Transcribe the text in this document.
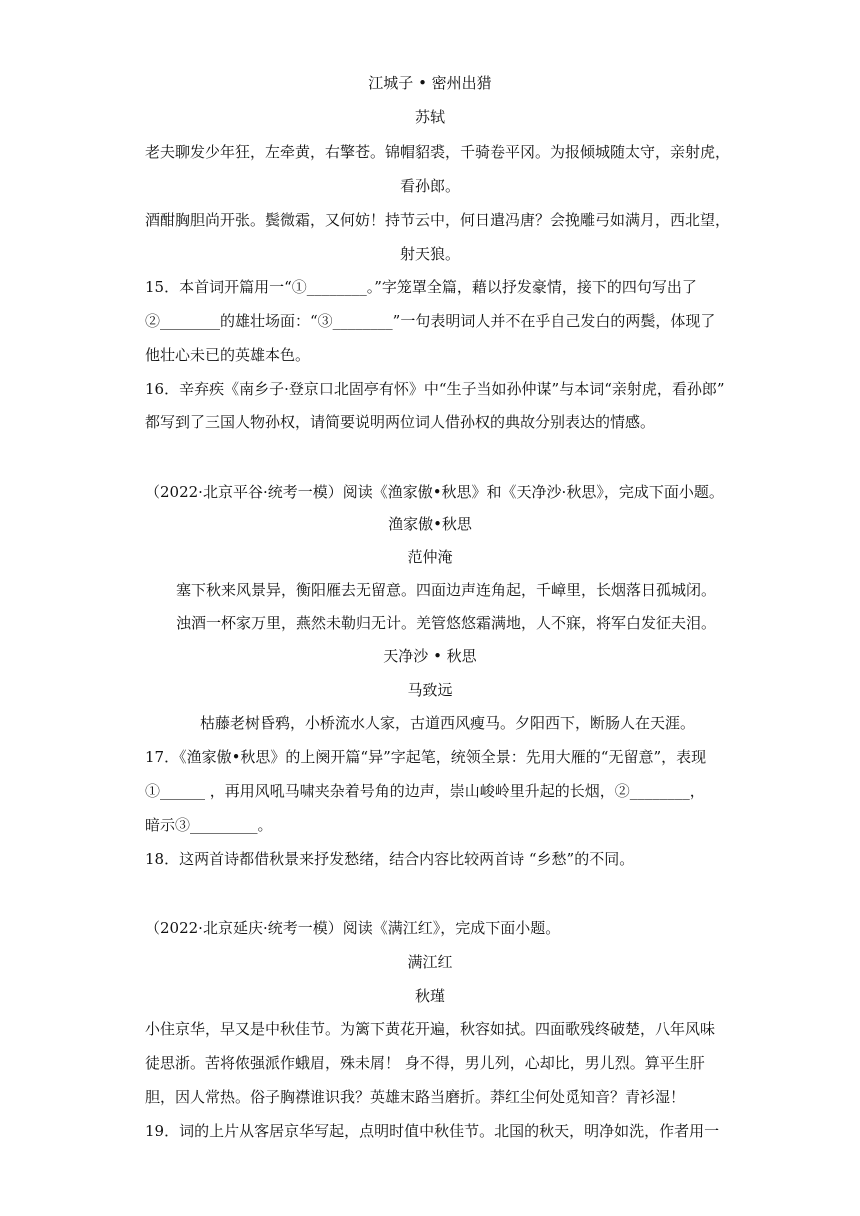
江城子 • 密州出猎
苏轼
老夫聊发少年狂，左牵黄，右擎苍。锦帽貂裘，千骑卷平冈。为报倾城随太守，亲射虎，
看孙郎。
酒酣胸胆尚开张。鬓微霜，又何妨！持节云中，何日遣冯唐？会挽雕弓如满月，西北望，
射天狼。
15．本首词开篇用一“①________。”字笼罩全篇，藉以抒发豪情，接下的四句写出了
②________的雄壮场面：“③________”一句表明词人并不在乎自己发白的两鬓，体现了
他壮心未已的英雄本色。
16．辛弃疾《南乡子·登京口北固亭有怀》中“生子当如孙仲谋”与本词“亲射虎，看孙郎”
都写到了三国人物孙权，请简要说明两位词人借孙权的典故分别表达的情感。
（2022·北京平谷·统考一模）阅读《渔家傲•秋思》和《天净沙·秋思》，完成下面小题。
渔家傲•秋思
范仲淹
塞下秋来风景异，衡阳雁去无留意。四面边声连角起，千嶂里，长烟落日孤城闭。
浊酒一杯家万里，燕然未勒归无计。羌管悠悠霜满地，人不寐，将军白发征夫泪。
天净沙 • 秋思
马致远
枯藤老树昏鸦，小桥流水人家，古道西风瘦马。夕阳西下，断肠人在天涯。
17．《渔家傲•秋思》的上阕开篇“异”字起笔，统领全景：先用大雁的“无留意”，表现
①______ ，再用风吼马啸夹杂着号角的边声，崇山峻岭里升起的长烟，②________，
暗示③_________。
18．这两首诗都借秋景来抒发愁绪，结合内容比较两首诗 “乡愁”的不同。
（2022·北京延庆·统考一模）阅读《满江红》，完成下面小题。
满江红
秋瑾
小住京华，早又是中秋佳节。为篱下黄花开遍，秋容如拭。四面歌残终破楚，八年风味
徒思浙。苦将侬强派作蛾眉，殊未屑！ 身不得，男儿列，心却比，男儿烈。算平生肝
胆，因人常热。俗子胸襟谁识我？英雄末路当磨折。莽红尘何处觅知音？青衫湿！
19．词的上片从客居京华写起，点明时值中秋佳节。北国的秋天，明净如洗，作者用一
